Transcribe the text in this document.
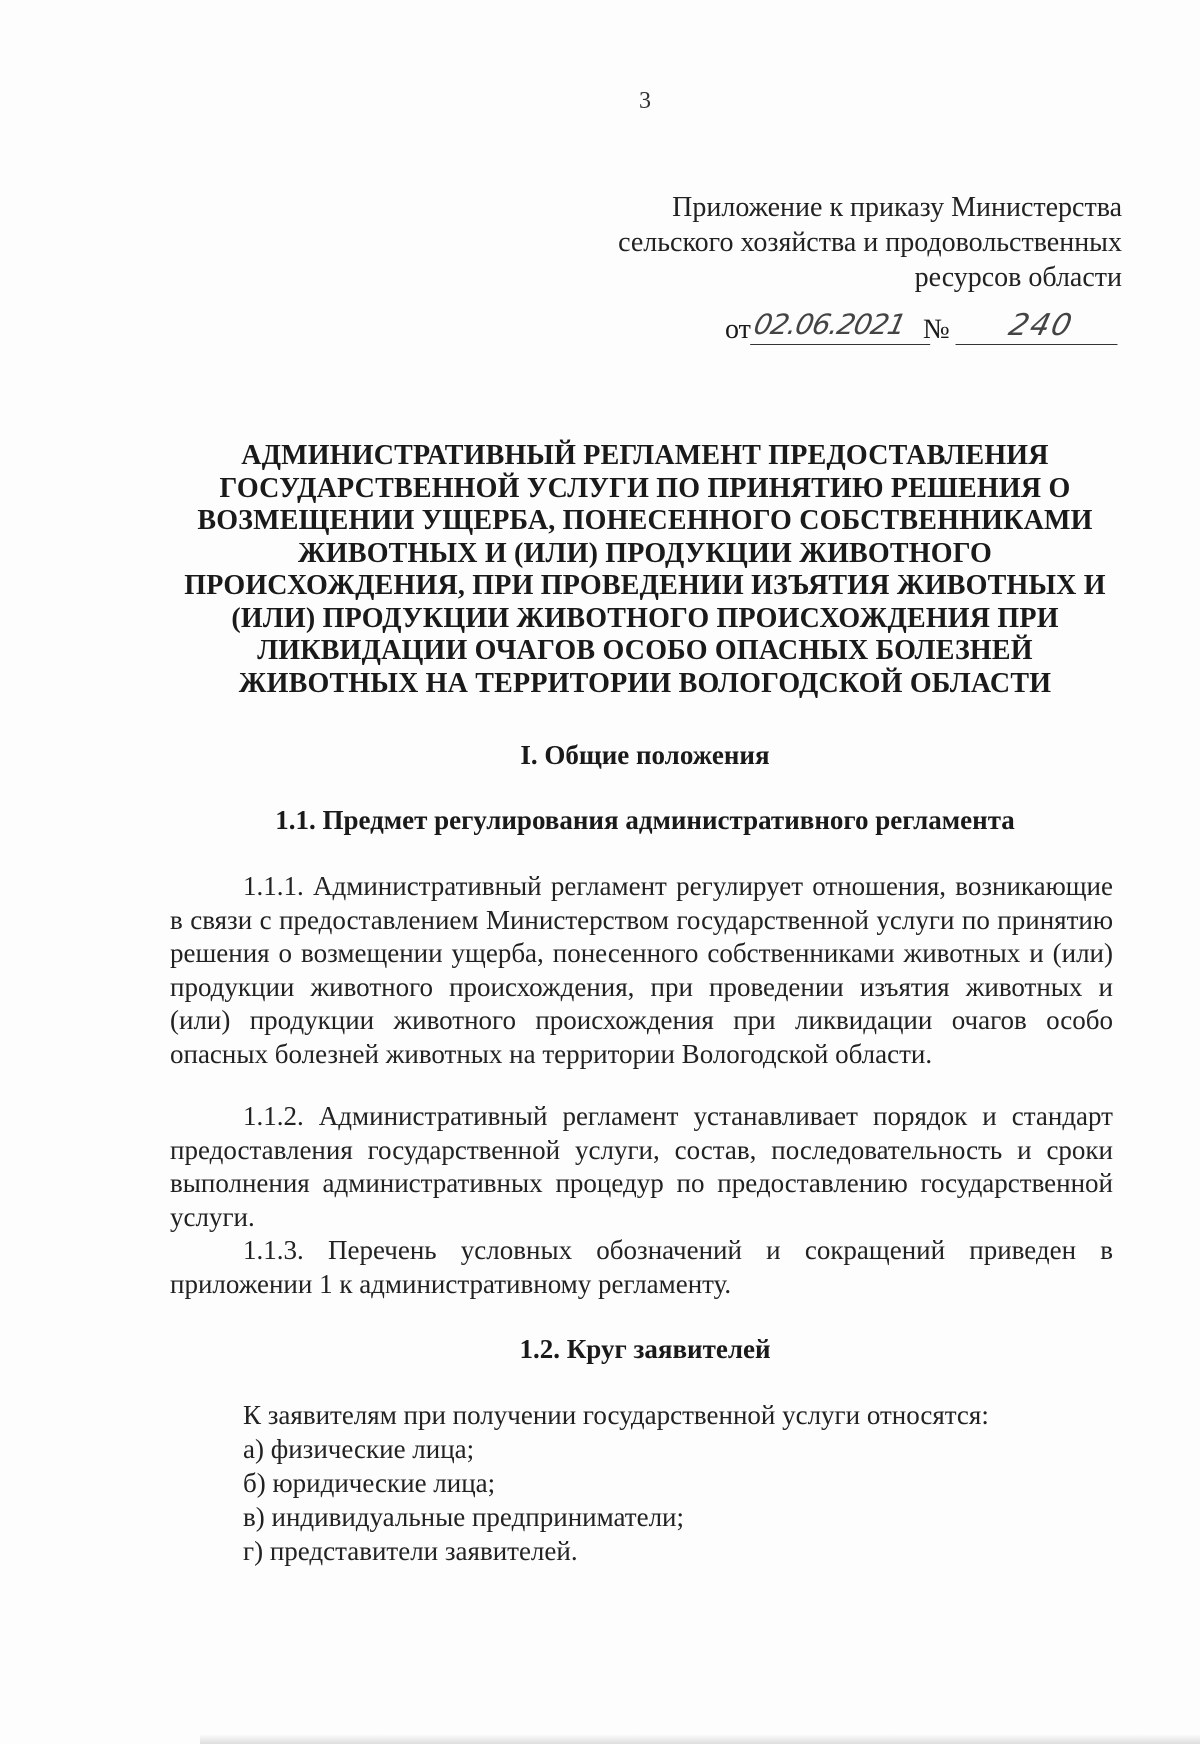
3
Приложение к приказу Министерства
сельского хозяйства и продовольственных
ресурсов области
от 02.06.2021 №	240
АДМИНИСТРАТИВНЫЙ РЕГЛАМЕНТ ПРЕДОСТАВЛЕНИЯ ГОСУДАРСТВЕННОЙ УСЛУГИ ПО ПРИНЯТИЮ РЕШЕНИЯ О ВОЗМЕЩЕНИИ УЩЕРБА, ПОНЕСЕННОГО СОБСТВЕННИКАМИ ЖИВОТНЫХ И (ИЛИ) ПРОДУКЦИИ ЖИВОТНОГО ПРОИСХОЖДЕНИЯ, ПРИ ПРОВЕДЕНИИ ИЗЪЯТИЯ ЖИВОТНЫХ И (ИЛИ) ПРОДУКЦИИ ЖИВОТНОГО ПРОИСХОЖДЕНИЯ ПРИ ЛИКВИДАЦИИ ОЧАГОВ ОСОБО ОПАСНЫХ БОЛЕЗНЕЙ ЖИВОТНЫХ НА ТЕРРИТОРИИ ВОЛОГОДСКОЙ ОБЛАСТИ
I. Общие положения
1.1. Предмет регулирования административного регламента
1.1.1. Административный регламент регулирует отношения, возникающие в связи с предоставлением Министерством государственной услуги по принятию решения о возмещении ущерба, понесенного собственниками животных и (или) продукции животного происхождения, при проведении изъятия животных и (или) продукции животного происхождения при ликвидации очагов особо опасных болезней животных на территории Вологодской области.
1.1.2. Административный регламент устанавливает порядок и стандарт предоставления государственной услуги, состав, последовательность и сроки выполнения административных процедур по предоставлению государственной услуги.
1.1.3. Перечень условных обозначений и сокращений приведен в приложении 1 к административному регламенту.
1.2. Круг заявителей
К заявителям при получении государственной услуги относятся:
а) физические лица;
б) юридические лица;
в) индивидуальные предприниматели;
г) представители заявителей.
